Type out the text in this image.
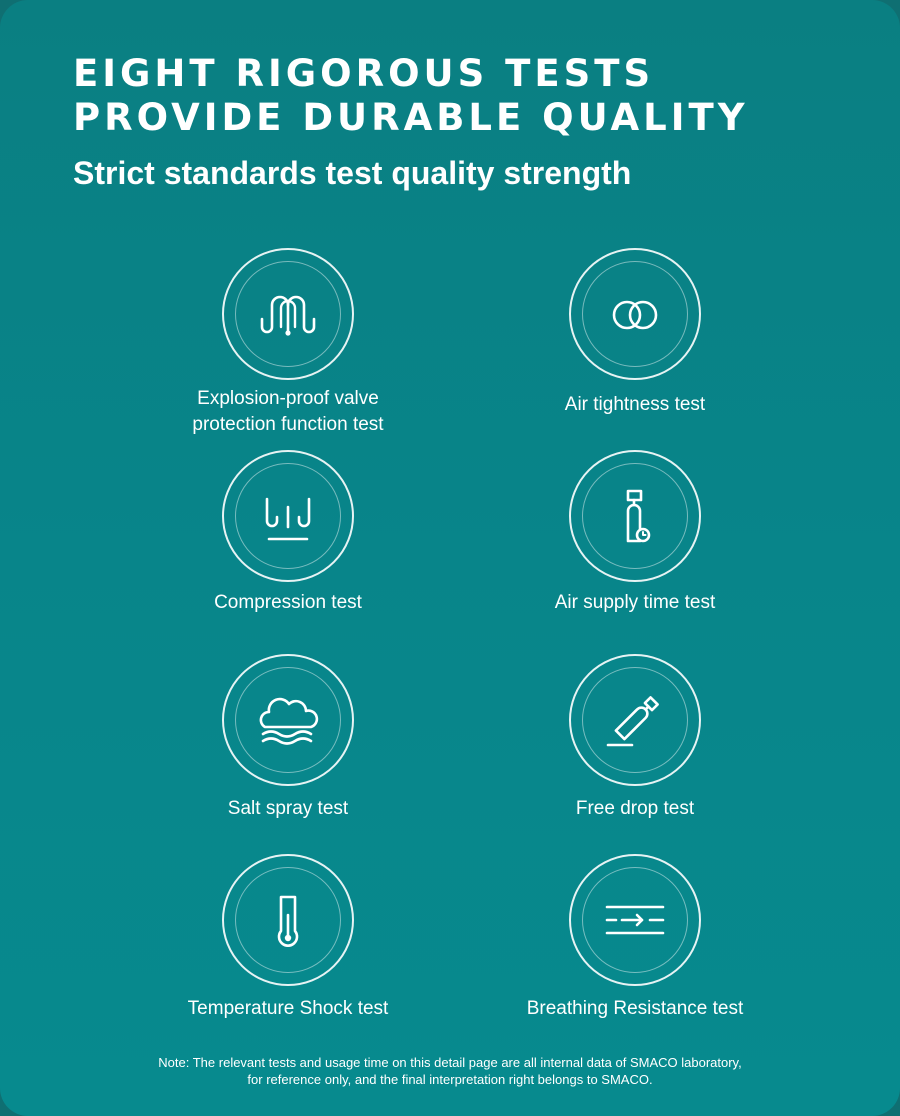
EIGHT RIGOROUS TESTS
PROVIDE DURABLE QUALITY
Strict standards test quality strength
Explosion-proof valve
protection function test
Air tightness test
Compression test	Air supply time test
Salt spray test	Free drop test
Temperature Shock test	Breathing Resistance test
Note: The relevant tests and usage time on this detail page are all internal data of SMACO laboratory,
for reference only, and the final interpretation right belongs to SMACO.
